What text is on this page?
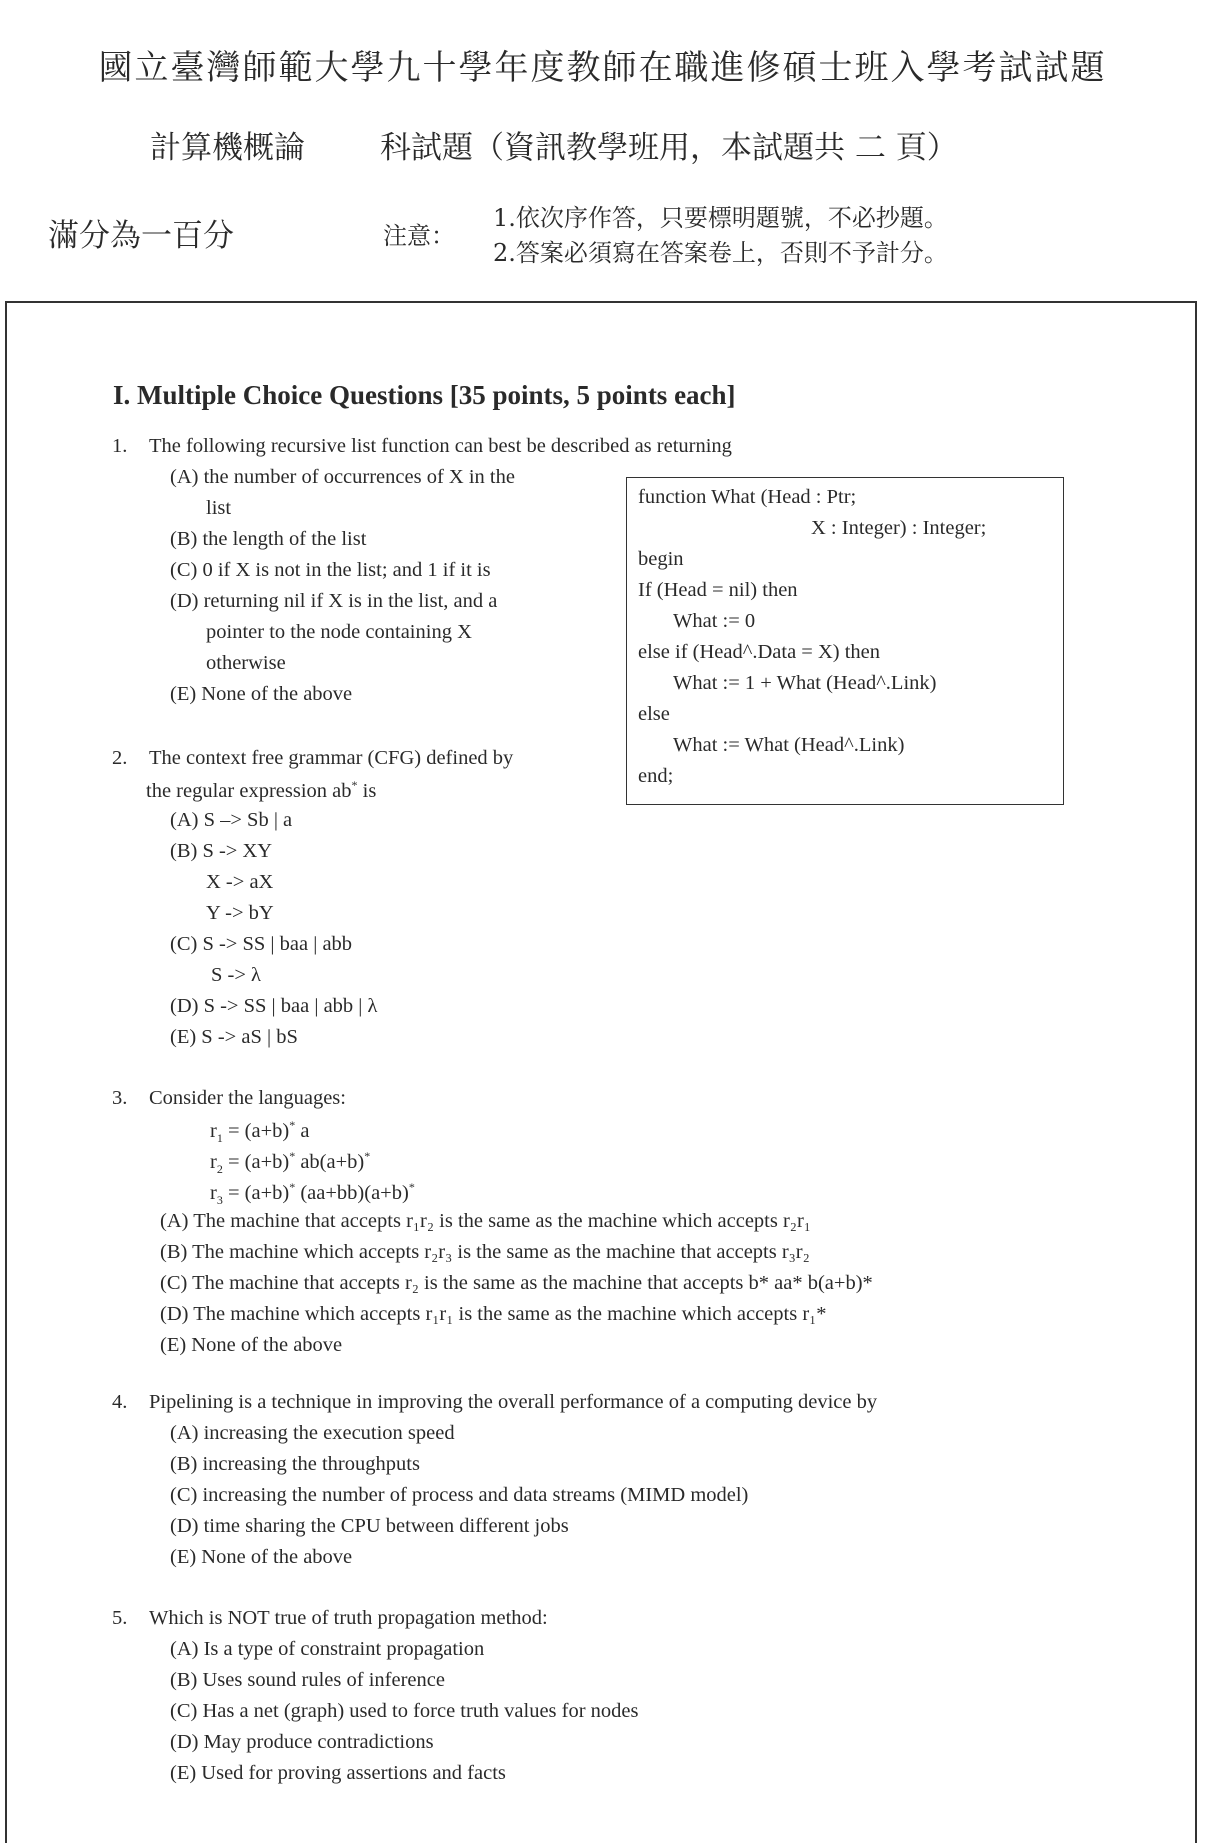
國立臺灣師範大學九十學年度教師在職進修碩士班入學考試試題
計算機概論 科試題（資訊教學班用，本試題共 二 頁）
滿分為一百分	注意：
1.依次序作答，只要標明題號，不必抄題。
2.答案必須寫在答案卷上，否則不予計分。
I. Multiple Choice Questions [35 points, 5 points each]
1. The following recursive list function can best be described as returning
(A) the number of occurrences of X in the
list
(B) the length of the list
(C) 0 if X is not in the list; and 1 if it is
(D) returning nil if X is in the list, and a
pointer to the node containing X
otherwise
(E) None of the above
function What (Head : Ptr;
X : Integer) : Integer;
begin
If (Head = nil) then
What := 0
else if (Head^.Data = X) then
What := 1 + What (Head^.Link)
else
What := What (Head^.Link)
end;
2. The context free grammar (CFG) defined by
the regular expression ab* is
(A) S –> Sb | a
(B) S -> XY
X -> aX
Y -> bY
(C) S -> SS | baa | abb
S -> λ
(D) S -> SS | baa | abb | λ
(E) S -> aS | bS
3. Consider the languages:
$r_1 = (a+b)^*$ a
$r_2 = (a+b)^*$ ab(a+b)*
$r_3 = (a+b)^*$ (aa+bb)(a+b)*
(A) The machine that accepts r₁r₂ is the same as the machine which accepts r₂r₁
(B) The machine which accepts r₂r₃ is the same as the machine that accepts r₃r₂
(C) The machine that accepts r₂ is the same as the machine that accepts b* aa* b(a+b)*
(D) The machine which accepts r₁r₁ is the same as the machine which accepts r₁*
(E) None of the above
4. Pipelining is a technique in improving the overall performance of a computing device by
(A) increasing the execution speed
(B) increasing the throughputs
(C) increasing the number of process and data streams (MIMD model)
(D) time sharing the CPU between different jobs
(E) None of the above
5. Which is NOT true of truth propagation method:
(A) Is a type of constraint propagation
(B) Uses sound rules of inference
(C) Has a net (graph) used to force truth values for nodes
(D) May produce contradictions
(E) Used for proving assertions and facts
